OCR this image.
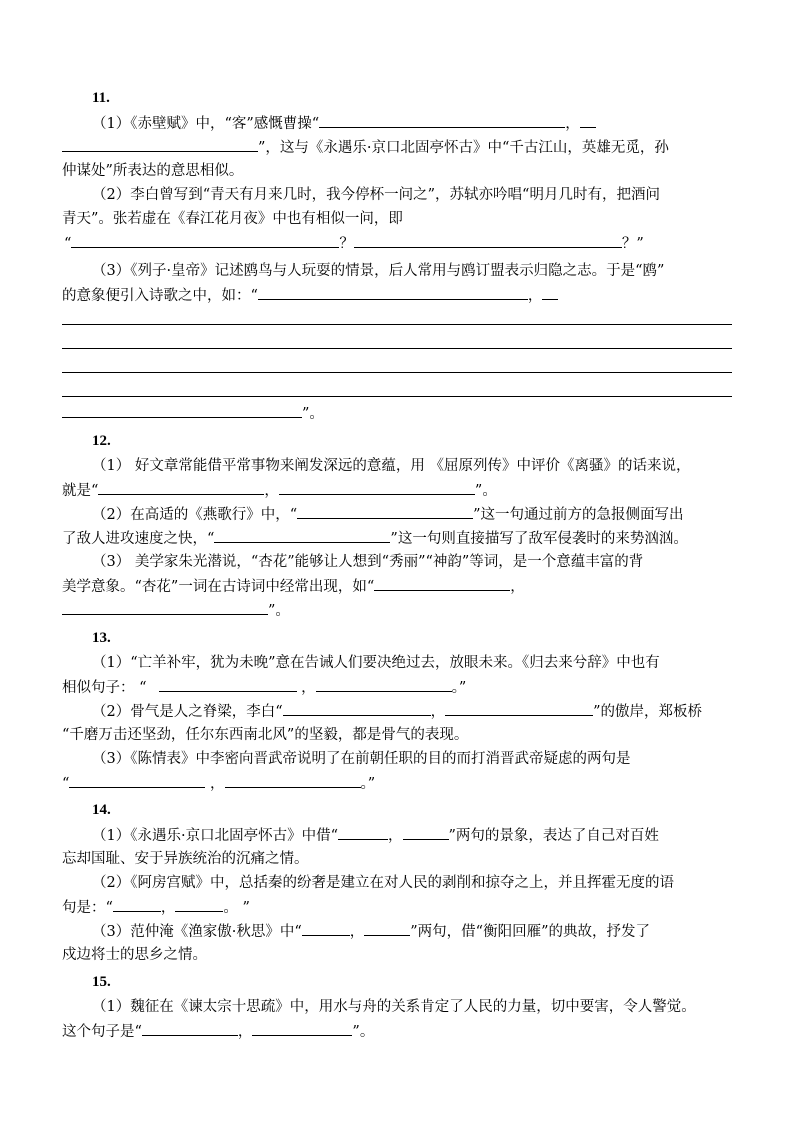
11.
（1）《赤壁赋》中，“客”感慨曹操“	，
”，这与《永遇乐·京口北固亭怀古》中“千古江山，英雄无觅，孙
仲谋处”所表达的意思相似。
（2）李白曾写到“青天有月来几时，我今停杯一问之”，苏轼亦吟唱“明月几时有，把酒问
青天”。张若虚在《春江花月夜》中也有相似一问，即
“	？	？”
（3）《列子·皇帝》记述鸥鸟与人玩耍的情景，后人常用与鸥订盟表示归隐之志。于是“鸥”
的意象便引入诗歌之中，如：“	，
”。
12.
（1） 好文章常能借平常事物来阐发深远的意蕴，用 《屈原列传》中评价《离骚》的话来说，
就是“	，	”。
（2）在高适的《燕歌行》中，“	”这一句通过前方的急报侧面写出
了敌人进攻速度之快，“	”这一句则直接描写了敌军侵袭时的来势汹汹。
（3） 美学家朱光潜说，“杏花”能够让人想到“秀丽”“神韵”等词，是一个意蕴丰富的背
美学意象。“杏花”一词在古诗词中经常出现，如“	，
”。
13.
（1）“亡羊补牢，犹为未晚”意在告诫人们要决绝过去，放眼未来。《归去来兮辞》中也有
相似句子： “	，	。”
（2）骨气是人之脊梁，李白“	，	”的傲岸，郑板桥
“千磨万击还坚劲，任尔东西南北风”的坚毅，都是骨气的表现。
（3）《陈情表》中李密向晋武帝说明了在前朝任职的目的而打消晋武帝疑虑的两句是
“	，	。”
14.
（1）《永遇乐·京口北固亭怀古》中借“	，	”两句的景象，表达了自己对百姓
忘却国耻、安于异族统治的沉痛之情。
（2）《阿房宫赋》中，总括秦的纷奢是建立在对人民的剥削和掠夺之上，并且挥霍无度的语
句是：“	，	。 ”
（3）范仲淹《渔家傲·秋思》中“	，	”两句，借“衡阳回雁”的典故，抒发了
戍边将士的思乡之情。
15.
（1）魏征在《谏太宗十思疏》中，用水与舟的关系肯定了人民的力量，切中要害，令人警觉。
这个句子是“	，	”。
